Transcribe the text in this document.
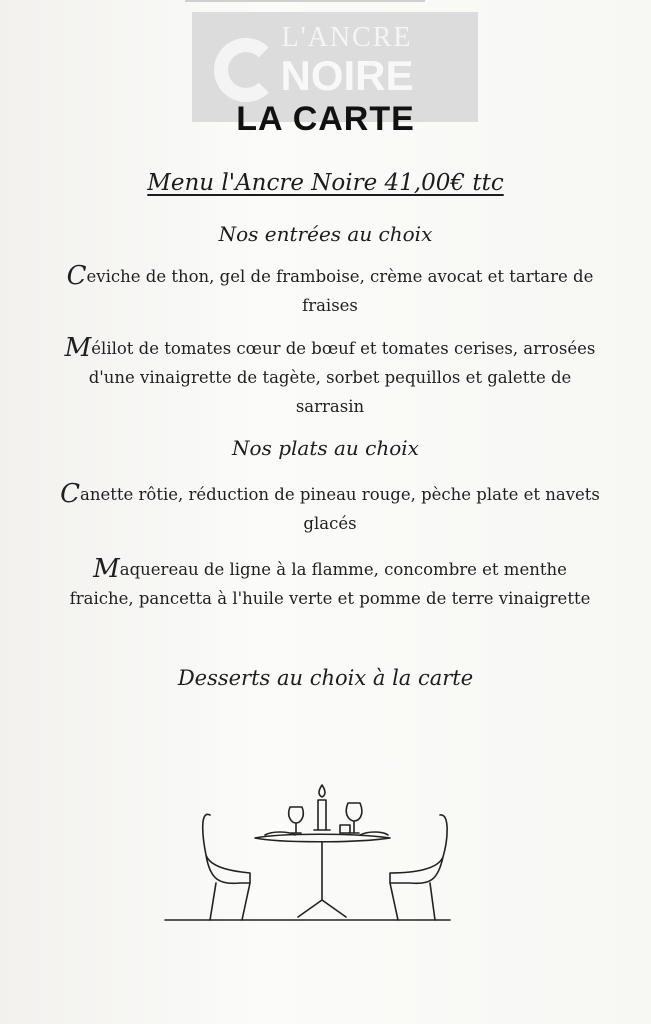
L'ANCRE
NOIRE
LA CARTE
Menu l'Ancre Noire 41,00€ ttc
Nos entrées au choix
Ceviche de thon, gel de framboise, crème avocat et tartare de fraises
Mélilot de tomates cœur de bœuf et tomates cerises, arrosées d'une vinaigrette de tagète, sorbet pequillos et galette de sarrasin
Nos plats au choix
Canette rôtie, réduction de pineau rouge, pèche plate et navets glacés
Maquereau de ligne à la flamme, concombre et menthe fraiche, pancetta à l'huile verte et pomme de terre vinaigrette
Desserts au choix à la carte
